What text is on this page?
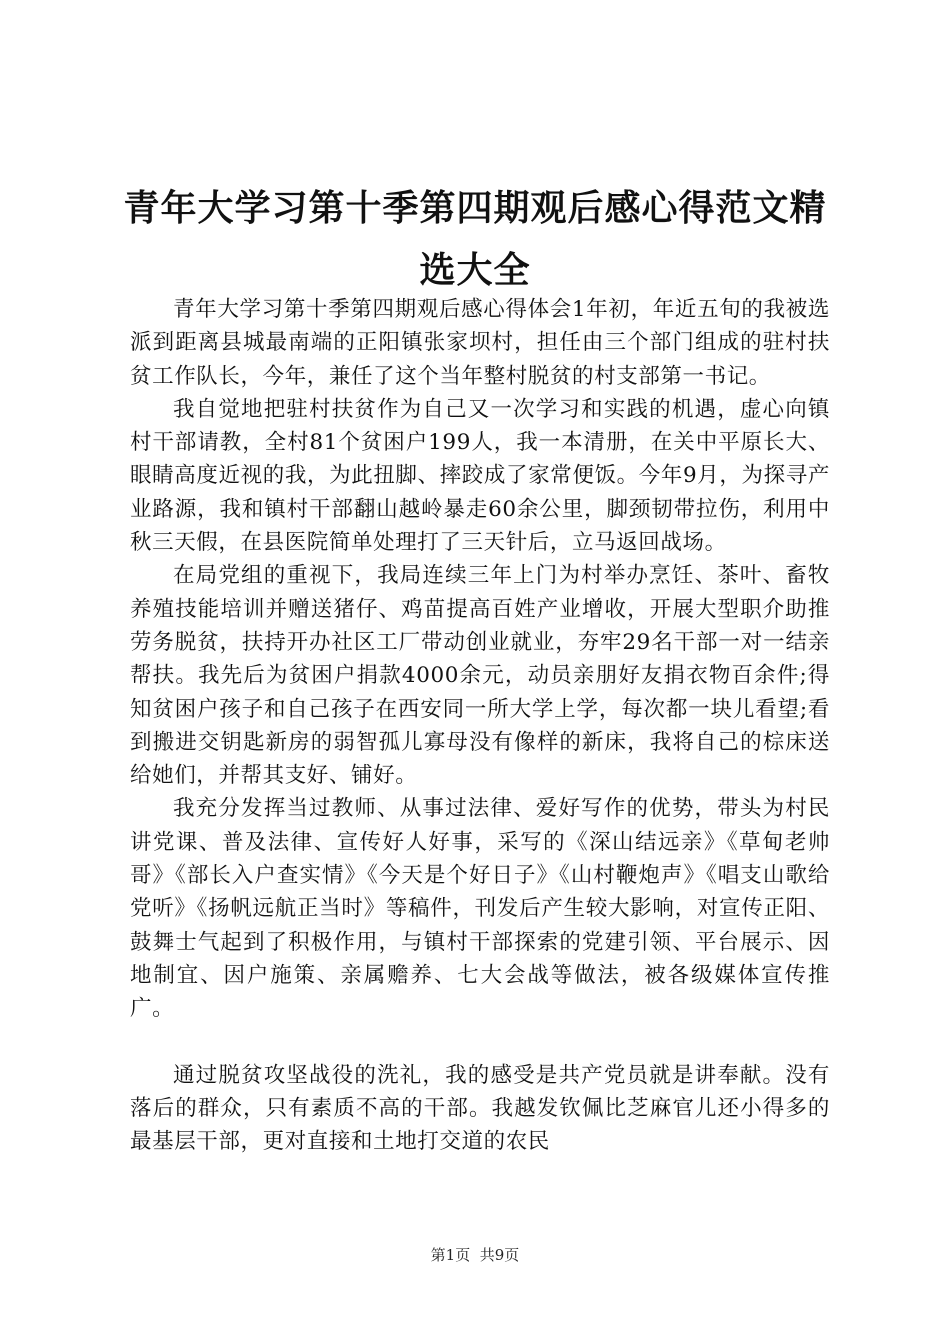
青年大学习第十季第四期观后感心得范文精选大全

青年大学习第十季第四期观后感心得体会1年初，年近五旬的我被选派到距离县城最南端的正阳镇张家坝村，担任由三个部门组成的驻村扶贫工作队长，今年，兼任了这个当年整村脱贫的村支部第一书记。

我自觉地把驻村扶贫作为自己又一次学习和实践的机遇，虚心向镇村干部请教，全村81个贫困户199人，我一本清册，在关中平原长大、眼睛高度近视的我，为此扭脚、摔跤成了家常便饭。今年9月，为探寻产业路源，我和镇村干部翻山越岭暴走60余公里，脚颈韧带拉伤，利用中秋三天假，在县医院简单处理打了三天针后，立马返回战场。

在局党组的重视下，我局连续三年上门为村举办烹饪、茶叶、畜牧养殖技能培训并赠送猪仔、鸡苗提高百姓产业增收，开展大型职介助推劳务脱贫，扶持开办社区工厂带动创业就业，夯牢29名干部一对一结亲帮扶。我先后为贫困户捐款4000余元，动员亲朋好友捐衣物百余件;得知贫困户孩子和自己孩子在西安同一所大学上学，每次都一块儿看望;看到搬进交钥匙新房的弱智孤儿寡母没有像样的新床，我将自己的棕床送给她们，并帮其支好、铺好。

我充分发挥当过教师、从事过法律、爱好写作的优势，带头为村民讲党课、普及法律、宣传好人好事，采写的《深山结远亲》《草甸老帅哥》《部长入户查实情》《今天是个好日子》《山村鞭炮声》《唱支山歌给党听》《扬帆远航正当时》等稿件，刊发后产生较大影响，对宣传正阳、鼓舞士气起到了积极作用，与镇村干部探索的党建引领、平台展示、因地制宜、因户施策、亲属赡养、七大会战等做法，被各级媒体宣传推广。

通过脱贫攻坚战役的洗礼，我的感受是共产党员就是讲奉献。没有落后的群众，只有素质不高的干部。我越发钦佩比芝麻官儿还小得多的最基层干部，更对直接和土地打交道的农民

第1页 共9页
